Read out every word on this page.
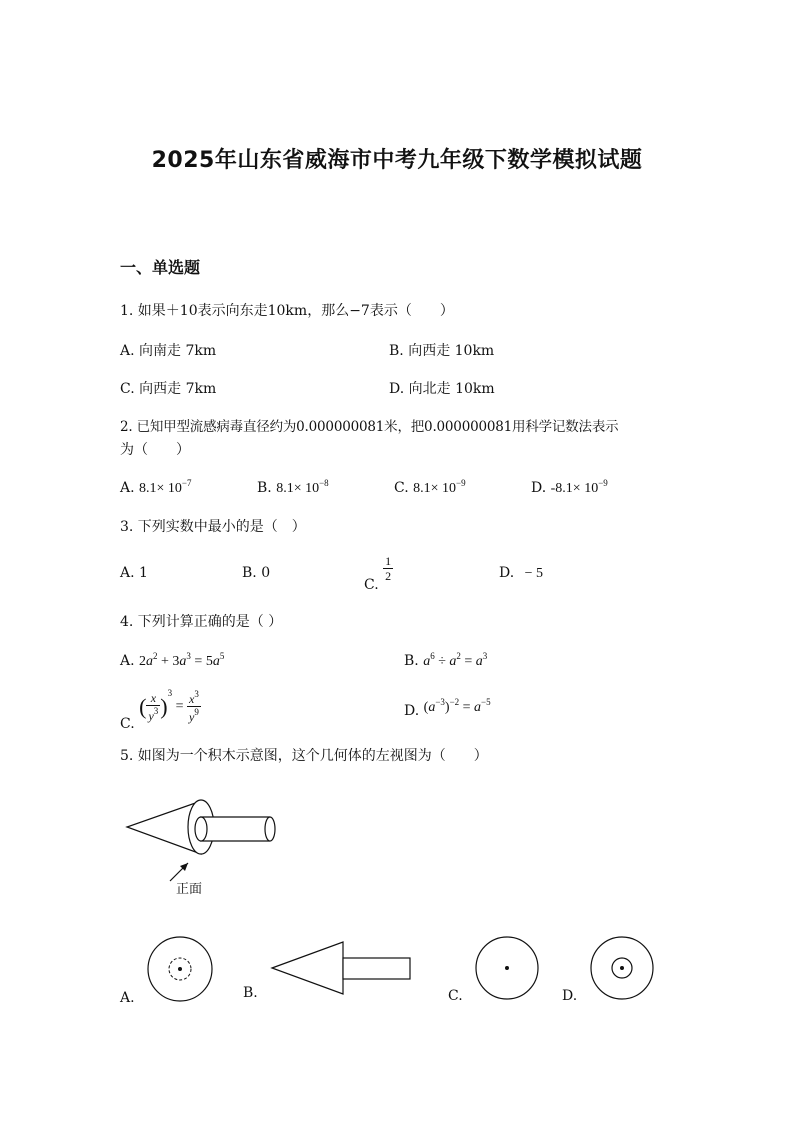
2025年山东省威海市中考九年级下数学模拟试题
一、单选题
1. 如果＋10表示向东走10km，那么−7表示（　　）
A. 向南走 7km	B. 向西走 10km
C. 向西走 7km	D. 向北走 10km
2. 已知甲型流感病毒直径约为0.000000081米，把0.000000081用科学记数法表示
为（　　）
A. $8.1\times 10^{-7}$	B. $8.1\times 10^{-8}$	C. $8.1\times 10^{-9}$	D. $-8.1\times 10^{-9}$
3. 下列实数中最小的是（　）
A. 1	B. 0
C.
$\frac{1}{2}$	D. − 5
4. 下列计算正确的是（ ）
A. $2a^2 + 3a^3 = 5a^5$	B. $a^6 \div a^2 = a^3$
C. ( $\frac{x}{y^3} )^3 = \frac{x^3}{y^9}$	D. $(a^{-3})^{-2} = a^{-5}$
5. 如图为一个积木示意图，这个几何体的左视图为（　　）
正面
A.	B.	C.	D.
